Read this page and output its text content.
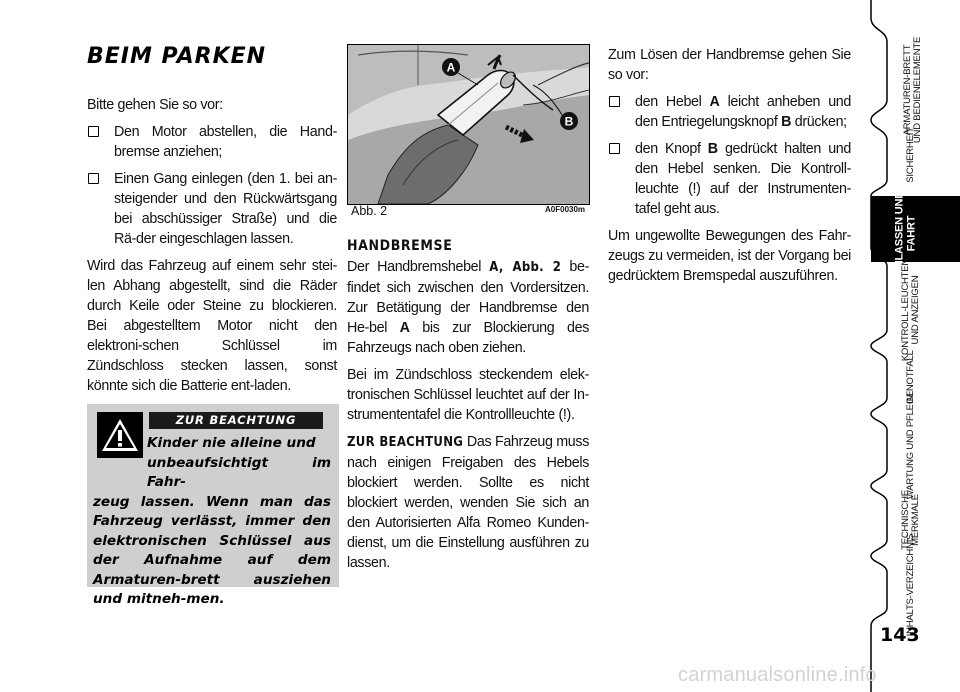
BEIM PARKEN

Bitte gehen Sie so vor:

Den Motor abstellen, die Hand-bremse anziehen;
Einen Gang einlegen (den 1. bei an-steigender und den Rückwärtsgang bei abschüssiger Straße) und die Rä-der eingeschlagen lassen.

Wird das Fahrzeug auf einem sehr stei-len Abhang abgestellt, sind die Räder durch Keile oder Steine zu blockieren. Bei abgestelltem Motor nicht den elektroni-schen Schlüssel im Zündschloss stecken lassen, sonst könnte sich die Batterie ent-laden.

ZUR BEACHTUNG
Kinder nie alleine und
unbeaufsichtigt im Fahr-
zeug lassen. Wenn man das Fahrzeug verlässt, immer den elektronischen Schlüssel aus der Aufnahme auf dem Armaturen-brett ausziehen und mitneh-men.
A
B
Abb. 2	A0F0030m

HANDBREMSE

Der Handbremshebel A, Abb. 2 be-findet sich zwischen den Vordersitzen. Zur Betätigung der Handbremse den He-bel A bis zur Blockierung des Fahrzeugs nach oben ziehen.

Bei im Zündschloss steckendem elek-tronischen Schlüssel leuchtet auf der In-strumententafel die Kontrollleuchte (!).

ZUR BEACHTUNG Das Fahrzeug muss nach einigen Freigaben des Hebels blockiert werden. Sollte es nicht blockiert werden, wenden Sie sich an den Autorisierten Alfa Romeo Kunden-dienst, um die Einstellung ausführen zu lassen.

Zum Lösen der Handbremse gehen Sie so vor:

den Hebel A leicht anheben und den Entriegelungsknopf B drücken;
den Knopf B gedrückt halten und den Hebel senken. Die Kontroll-leuchte (!) auf der Instrumenten-tafel geht aus.

Um ungewollte Bewegungen des Fahr-zeugs zu vermeiden, ist der Vorgang bei gedrücktem Bremspedal auszuführen.

ARMATUREN-BRETT UND BEDIENELEMENTE
SICHERHEIT
ANLASSEN UND FAHRT
KONTROLL-LEUCHTEN UND ANZEIGEN
IM NOTFALL
WARTUNG UND PFLEGE
TECHNISCHE MERKMALE
INHALTS-VERZEICHNIS
143
carmanualsonline.info
